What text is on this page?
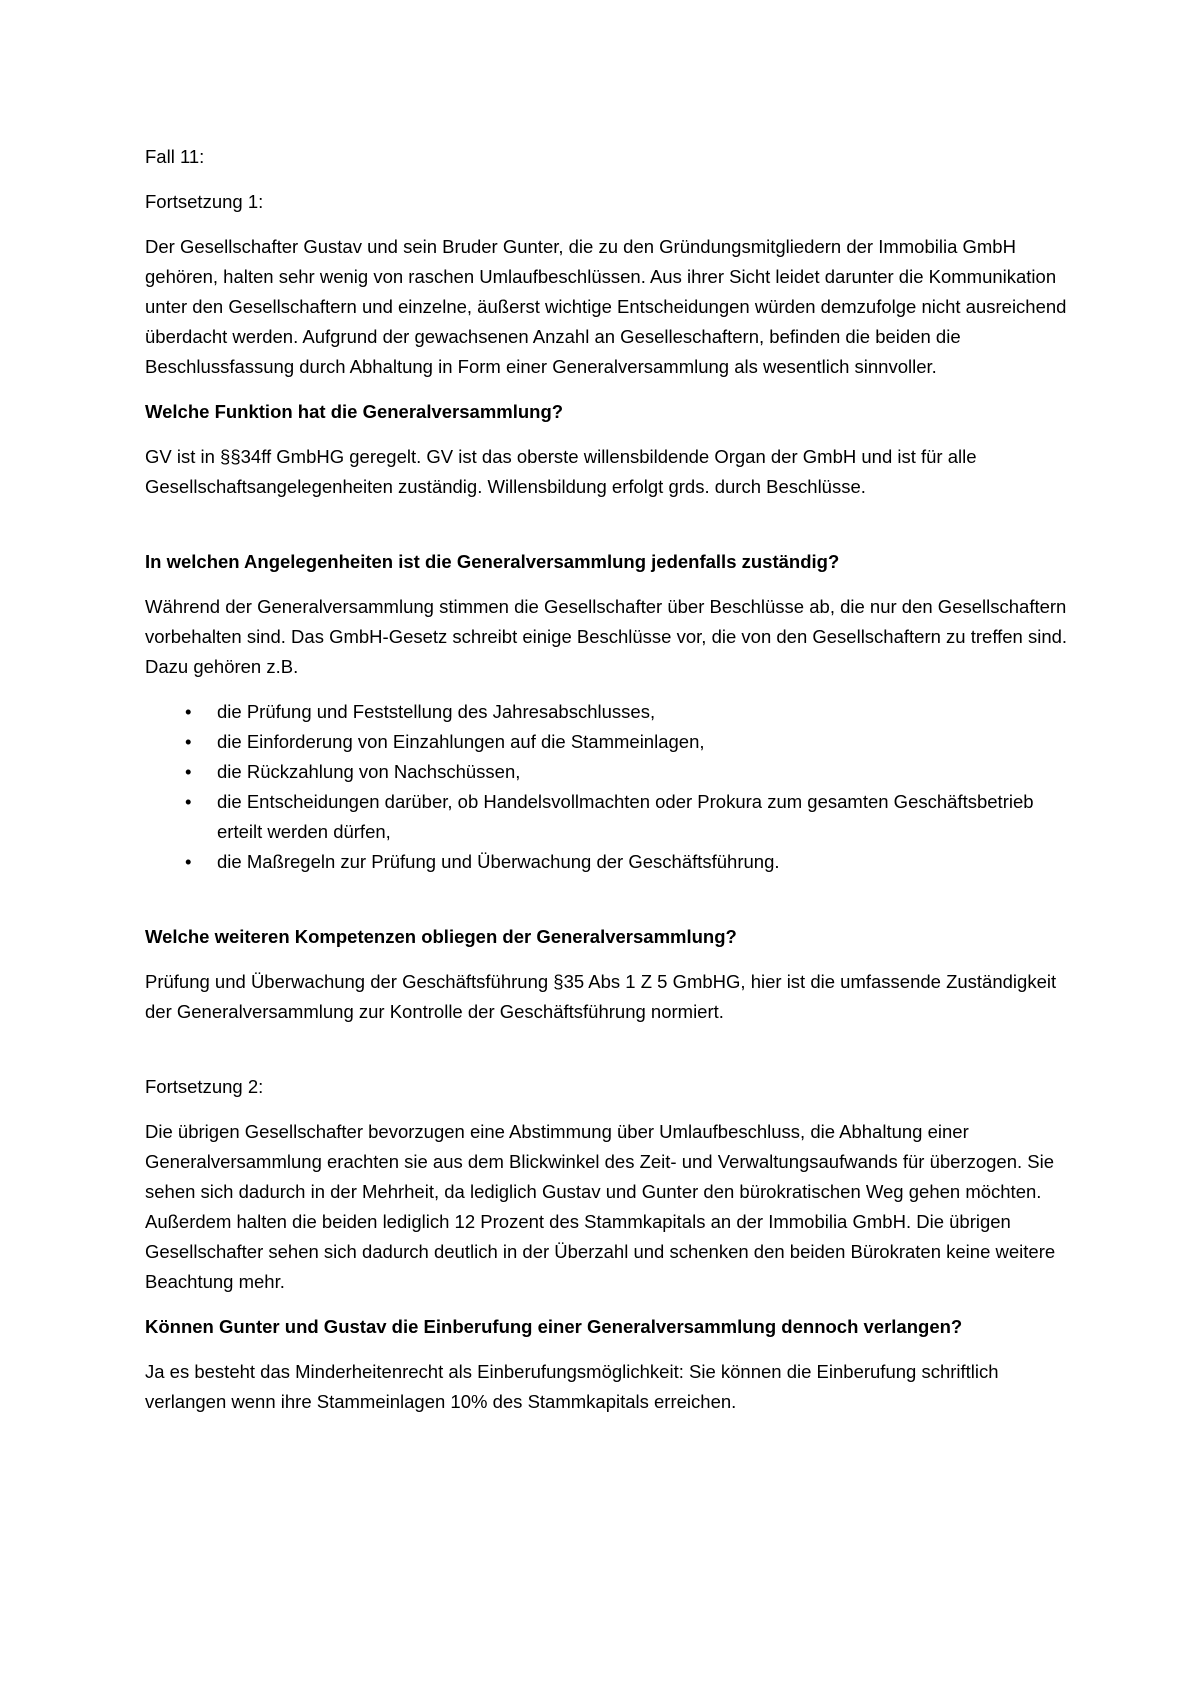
Fall 11:

Fortsetzung 1:

Der Gesellschafter Gustav und sein Bruder Gunter, die zu den Gründungsmitgliedern der Immobilia GmbH gehören, halten sehr wenig von raschen Umlaufbeschlüssen. Aus ihrer Sicht leidet darunter die Kommunikation unter den Gesellschaftern und einzelne, äußerst wichtige Entscheidungen würden demzufolge nicht ausreichend überdacht werden. Aufgrund der gewachsenen Anzahl an Geselleschaftern, befinden die beiden die Beschlussfassung durch Abhaltung in Form einer Generalversammlung als wesentlich sinnvoller.

Welche Funktion hat die Generalversammlung?

GV ist in §§34ff GmbHG geregelt. GV ist das oberste willensbildende Organ der GmbH und ist für alle Gesellschaftsangelegenheiten zuständig. Willensbildung erfolgt grds. durch Beschlüsse.

In welchen Angelegenheiten ist die Generalversammlung jedenfalls zuständig?

Während der Generalversammlung stimmen die Gesellschafter über Beschlüsse ab, die nur den Gesellschaftern vorbehalten sind. Das GmbH-Gesetz schreibt einige Beschlüsse vor, die von den Gesellschaftern zu treffen sind. Dazu gehören z.B.

• die Prüfung und Feststellung des Jahresabschlusses,
• die Einforderung von Einzahlungen auf die Stammeinlagen,
• die Rückzahlung von Nachschüssen,
• die Entscheidungen darüber, ob Handelsvollmachten oder Prokura zum gesamten Geschäftsbetrieb erteilt werden dürfen,
• die Maßregeln zur Prüfung und Überwachung der Geschäftsführung.

Welche weiteren Kompetenzen obliegen der Generalversammlung?

Prüfung und Überwachung der Geschäftsführung §35 Abs 1 Z 5 GmbHG, hier ist die umfassende Zuständigkeit der Generalversammlung zur Kontrolle der Geschäftsführung normiert.

Fortsetzung 2:

Die übrigen Gesellschafter bevorzugen eine Abstimmung über Umlaufbeschluss, die Abhaltung einer Generalversammlung erachten sie aus dem Blickwinkel des Zeit- und Verwaltungsaufwands für überzogen. Sie sehen sich dadurch in der Mehrheit, da lediglich Gustav und Gunter den bürokratischen Weg gehen möchten. Außerdem halten die beiden lediglich 12 Prozent des Stammkapitals an der Immobilia GmbH. Die übrigen Gesellschafter sehen sich dadurch deutlich in der Überzahl und schenken den beiden Bürokraten keine weitere Beachtung mehr.

Können Gunter und Gustav die Einberufung einer Generalversammlung dennoch verlangen?

Ja es besteht das Minderheitenrecht als Einberufungsmöglichkeit: Sie können die Einberufung schriftlich verlangen wenn ihre Stammeinlagen 10% des Stammkapitals erreichen.
